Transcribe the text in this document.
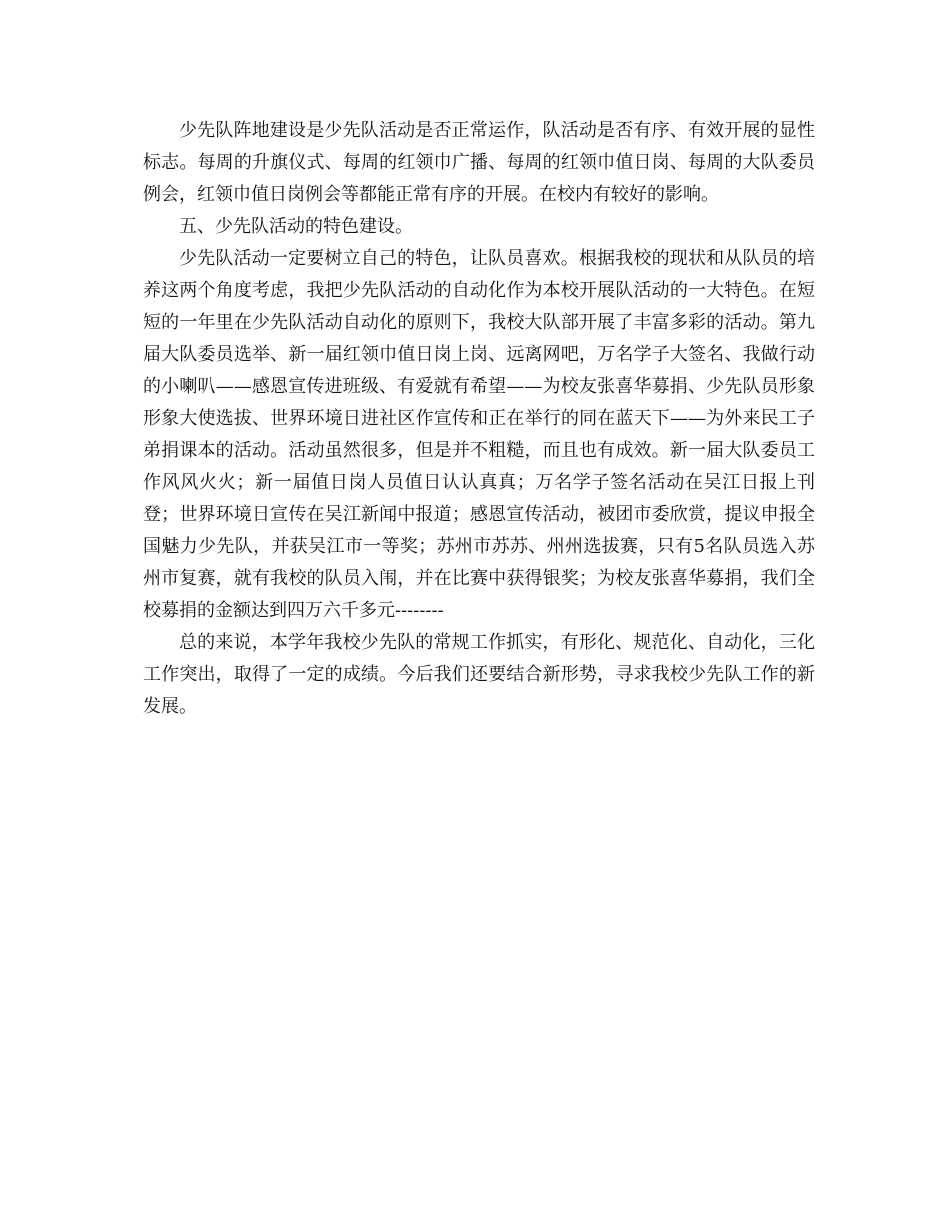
少先队阵地建设是少先队活动是否正常运作，队活动是否有序、有效开展的显性标志。每周的升旗仪式、每周的红领巾广播、每周的红领巾值日岗、每周的大队委员例会，红领巾值日岗例会等都能正常有序的开展。在校内有较好的影响。

五、少先队活动的特色建设。

少先队活动一定要树立自己的特色，让队员喜欢。根据我校的现状和从队员的培养这两个角度考虑，我把少先队活动的自动化作为本校开展队活动的一大特色。在短短的一年里在少先队活动自动化的原则下，我校大队部开展了丰富多彩的活动。第九届大队委员选举、新一届红领巾值日岗上岗、远离网吧，万名学子大签名、我做行动的小喇叭——感恩宣传进班级、有爱就有希望——为校友张喜华募捐、少先队员形象形象大使选拔、世界环境日进社区作宣传和正在举行的同在蓝天下——为外来民工子弟捐课本的活动。活动虽然很多，但是并不粗糙，而且也有成效。新一届大队委员工作风风火火；新一届值日岗人员值日认认真真；万名学子签名活动在吴江日报上刊登；世界环境日宣传在吴江新闻中报道；感恩宣传活动，被团市委欣赏，提议申报全国魅力少先队，并获吴江市一等奖；苏州市苏苏、州州选拔赛，只有5名队员选入苏州市复赛，就有我校的队员入闱，并在比赛中获得银奖；为校友张喜华募捐，我们全校募捐的金额达到四万六千多元--------

总的来说，本学年我校少先队的常规工作抓实，有形化、规范化、自动化，三化工作突出，取得了一定的成绩。今后我们还要结合新形势，寻求我校少先队工作的新发展。
